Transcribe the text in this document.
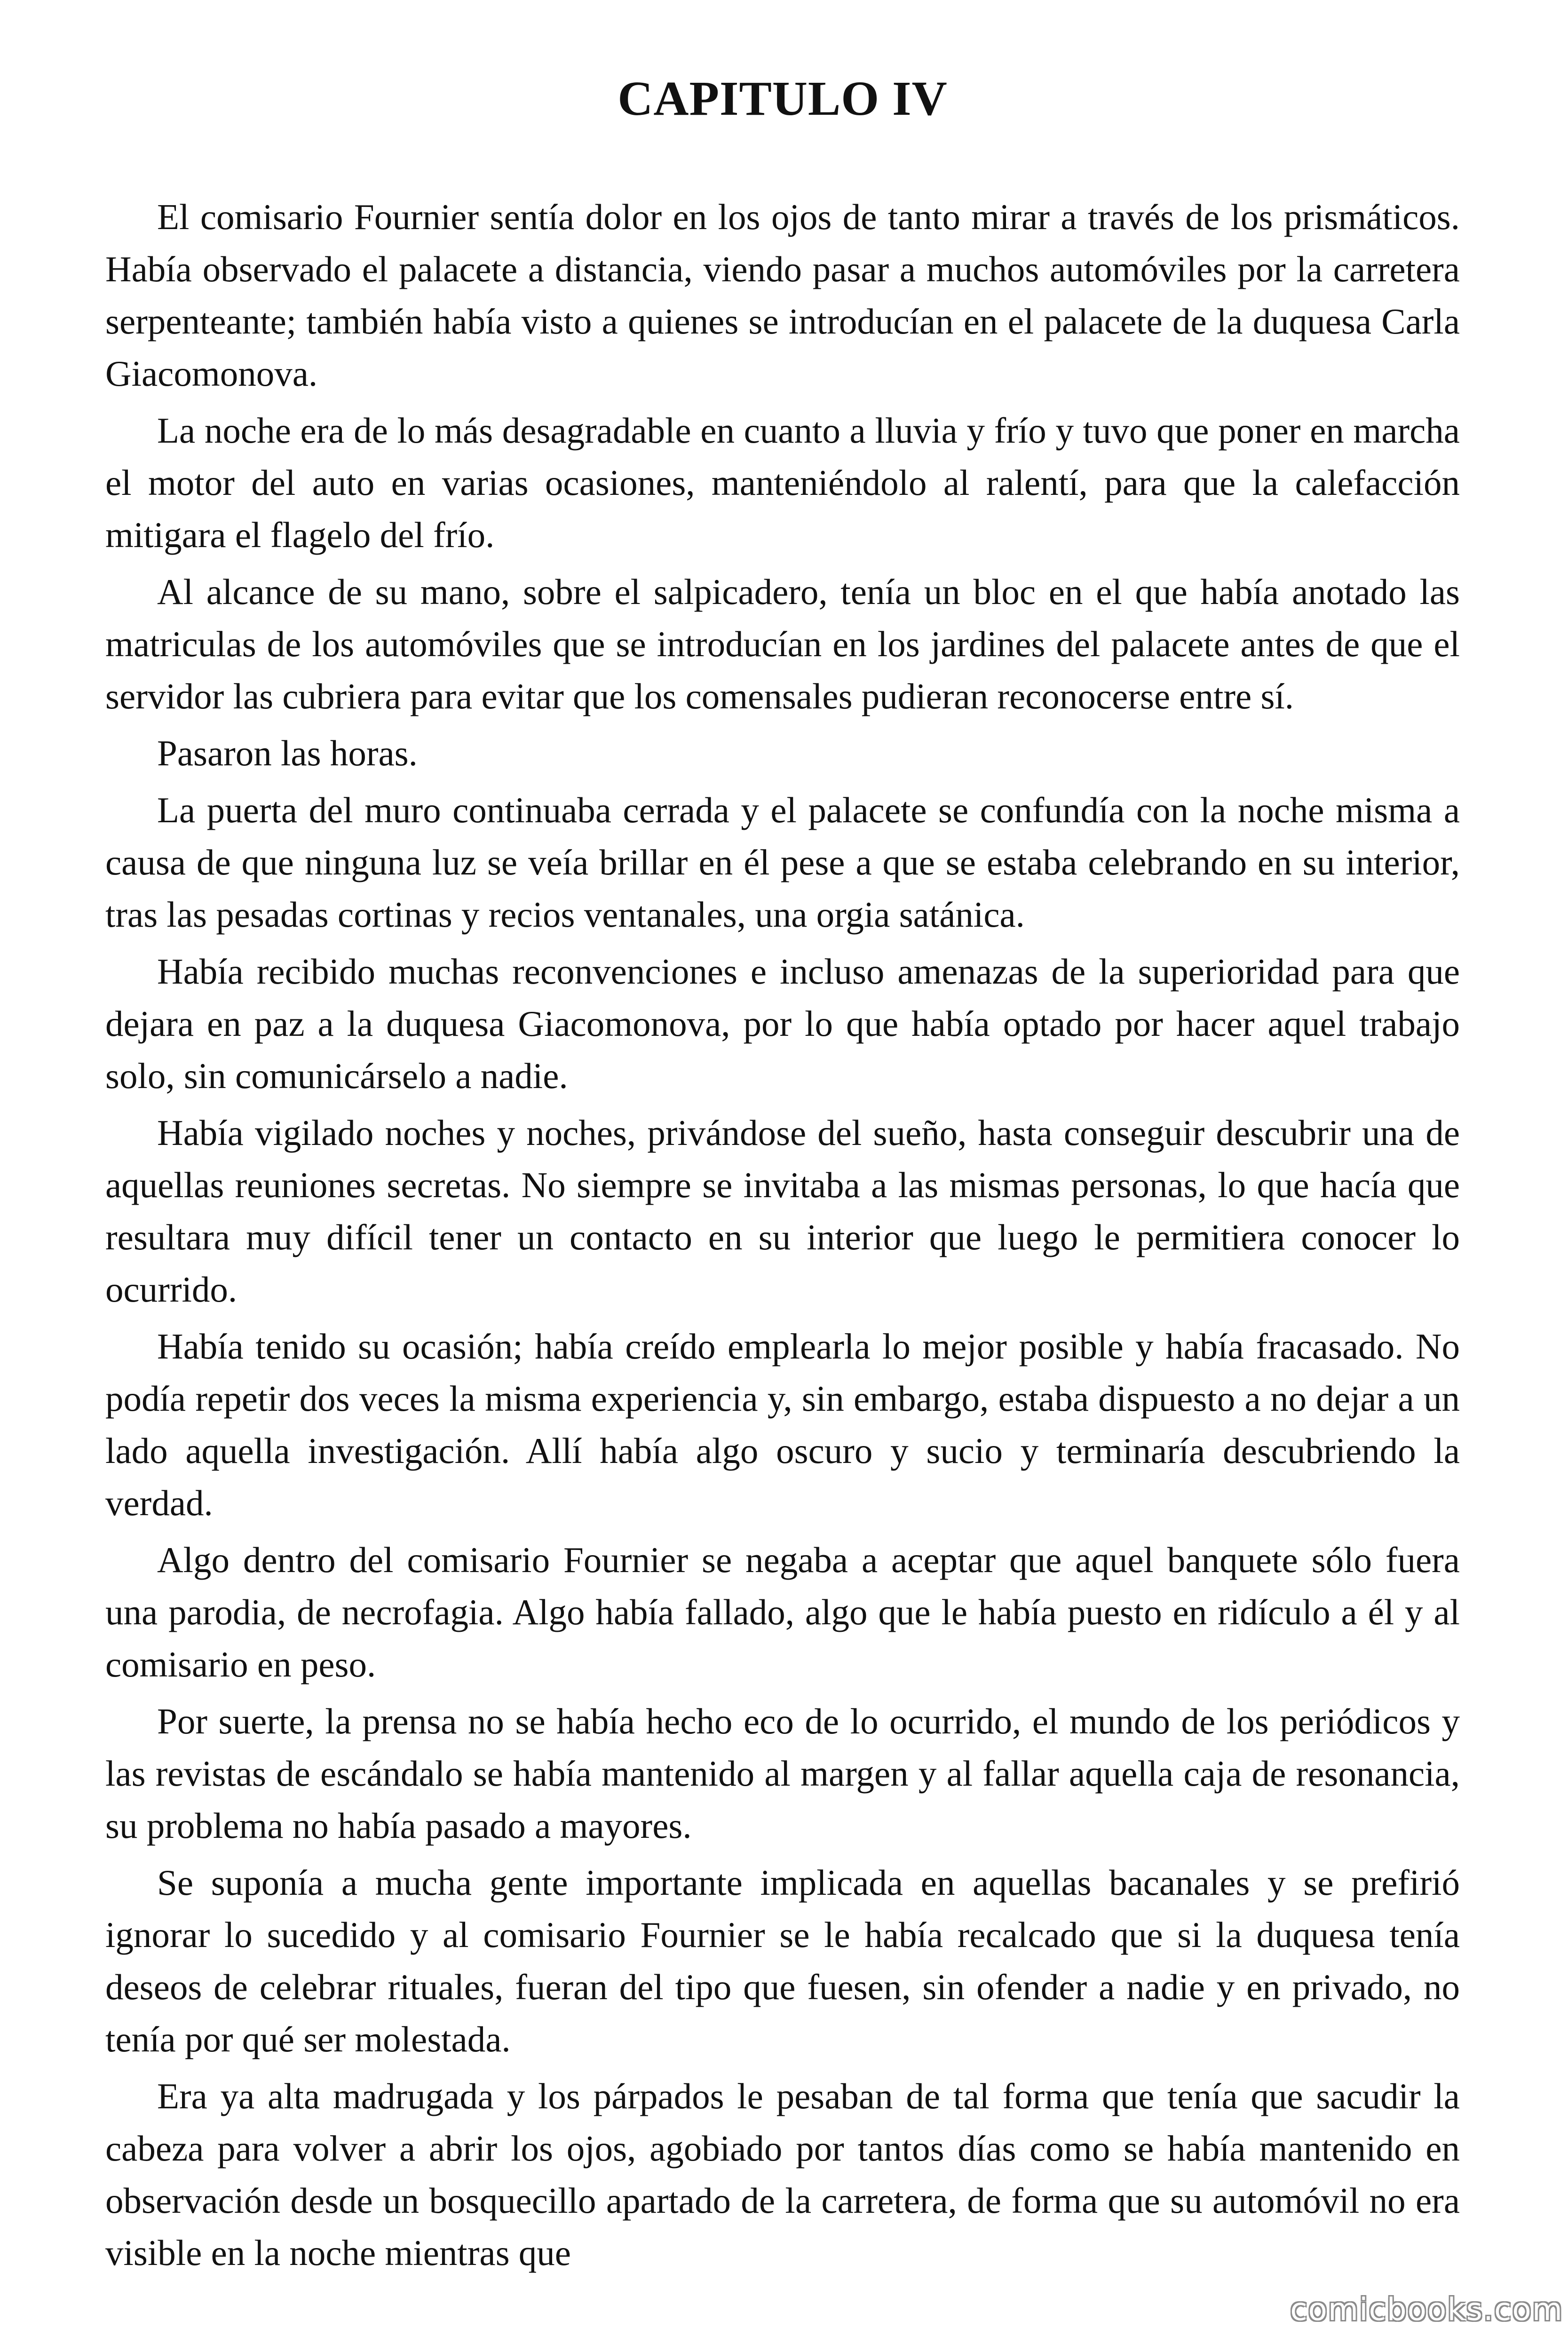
CAPITULO IV

El comisario Fournier sentía dolor en los ojos de tanto mirar a través de los prismáticos. Había observado el palacete a distancia, viendo pasar a muchos automóviles por la carretera serpenteante; también había visto a quienes se introducían en el palacete de la duquesa Carla Giacomonova.

La noche era de lo más desagradable en cuanto a lluvia y frío y tuvo que poner en marcha el motor del auto en varias ocasiones, manteniéndolo al ralentí, para que la calefacción mitigara el flagelo del frío.

Al alcance de su mano, sobre el salpicadero, tenía un bloc en el que había anotado las matriculas de los automóviles que se introducían en los jardines del palacete antes de que el servidor las cubriera para evitar que los comensales pudieran reconocerse entre sí.

Pasaron las horas.

La puerta del muro continuaba cerrada y el palacete se confundía con la noche misma a causa de que ninguna luz se veía brillar en él pese a que se estaba celebrando en su interior, tras las pesadas cortinas y recios ventanales, una orgia satánica.

Había recibido muchas reconvenciones e incluso amenazas de la superioridad para que dejara en paz a la duquesa Giacomonova, por lo que había optado por hacer aquel trabajo solo, sin comunicárselo a nadie.

Había vigilado noches y noches, privándose del sueño, hasta conseguir descubrir una de aquellas reuniones secretas. No siempre se invitaba a las mismas personas, lo que hacía que resultara muy difícil tener un contacto en su interior que luego le permitiera conocer lo ocurrido.

Había tenido su ocasión; había creído emplearla lo mejor posible y había fracasado. No podía repetir dos veces la misma experiencia y, sin embargo, estaba dispuesto a no dejar a un lado aquella investigación. Allí había algo oscuro y sucio y terminaría descubriendo la verdad.

Algo dentro del comisario Fournier se negaba a aceptar que aquel banquete sólo fuera una parodia, de necrofagia. Algo había fallado, algo que le había puesto en ridículo a él y al comisario en peso.

Por suerte, la prensa no se había hecho eco de lo ocurrido, el mundo de los periódicos y las revistas de escándalo se había mantenido al margen y al fallar aquella caja de resonancia, su problema no había pasado a mayores.

Se suponía a mucha gente importante implicada en aquellas bacanales y se prefirió ignorar lo sucedido y al comisario Fournier se le había recalcado que si la duquesa tenía deseos de celebrar rituales, fueran del tipo que fuesen, sin ofender a nadie y en privado, no tenía por qué ser molestada.

Era ya alta madrugada y los párpados le pesaban de tal forma que tenía que sacudir la cabeza para volver a abrir los ojos, agobiado por tantos días como se había mantenido en observación desde un bosquecillo apartado de la carretera, de forma que su automóvil no era visible en la noche mientras que

comicbooks.com
